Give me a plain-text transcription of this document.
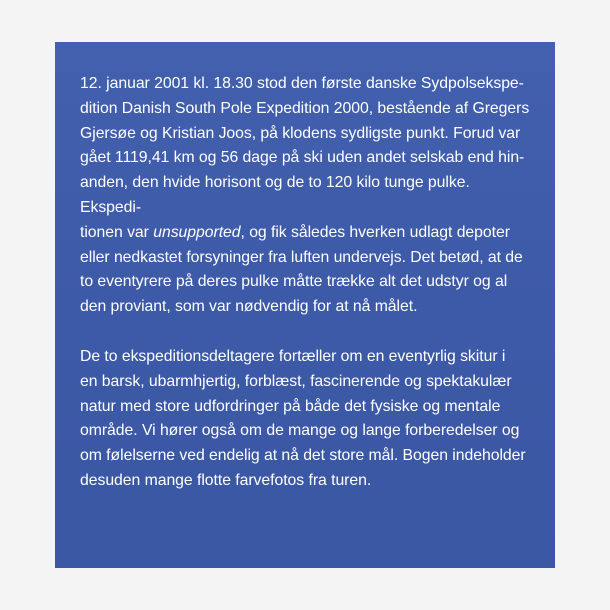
12. januar 2001 kl. 18.30 stod den første danske Sydpolsekspe-
dition Danish South Pole Expedition 2000, bestående af Gregers
Gjersøe og Kristian Joos, på klodens sydligste punkt. Forud var
gået 1119,41 km og 56 dage på ski uden andet selskab end hin-
anden, den hvide horisont og de to 120 kilo tunge pulke. Ekspedi-
tionen var unsupported, og fik således hverken udlagt depoter
eller nedkastet forsyninger fra luften undervejs. Det betød, at de
to eventyrere på deres pulke måtte trække alt det udstyr og al
den proviant, som var nødvendig for at nå målet.

De to ekspeditionsdeltagere fortæller om en eventyrlig skitur i
en barsk, ubarmhjertig, forblæst, fascinerende og spektakulær
natur med store udfordringer på både det fysiske og mentale
område. Vi hører også om de mange og lange forberedelser og
om følelserne ved endelig at nå det store mål. Bogen indeholder
desuden mange flotte farvefotos fra turen.
